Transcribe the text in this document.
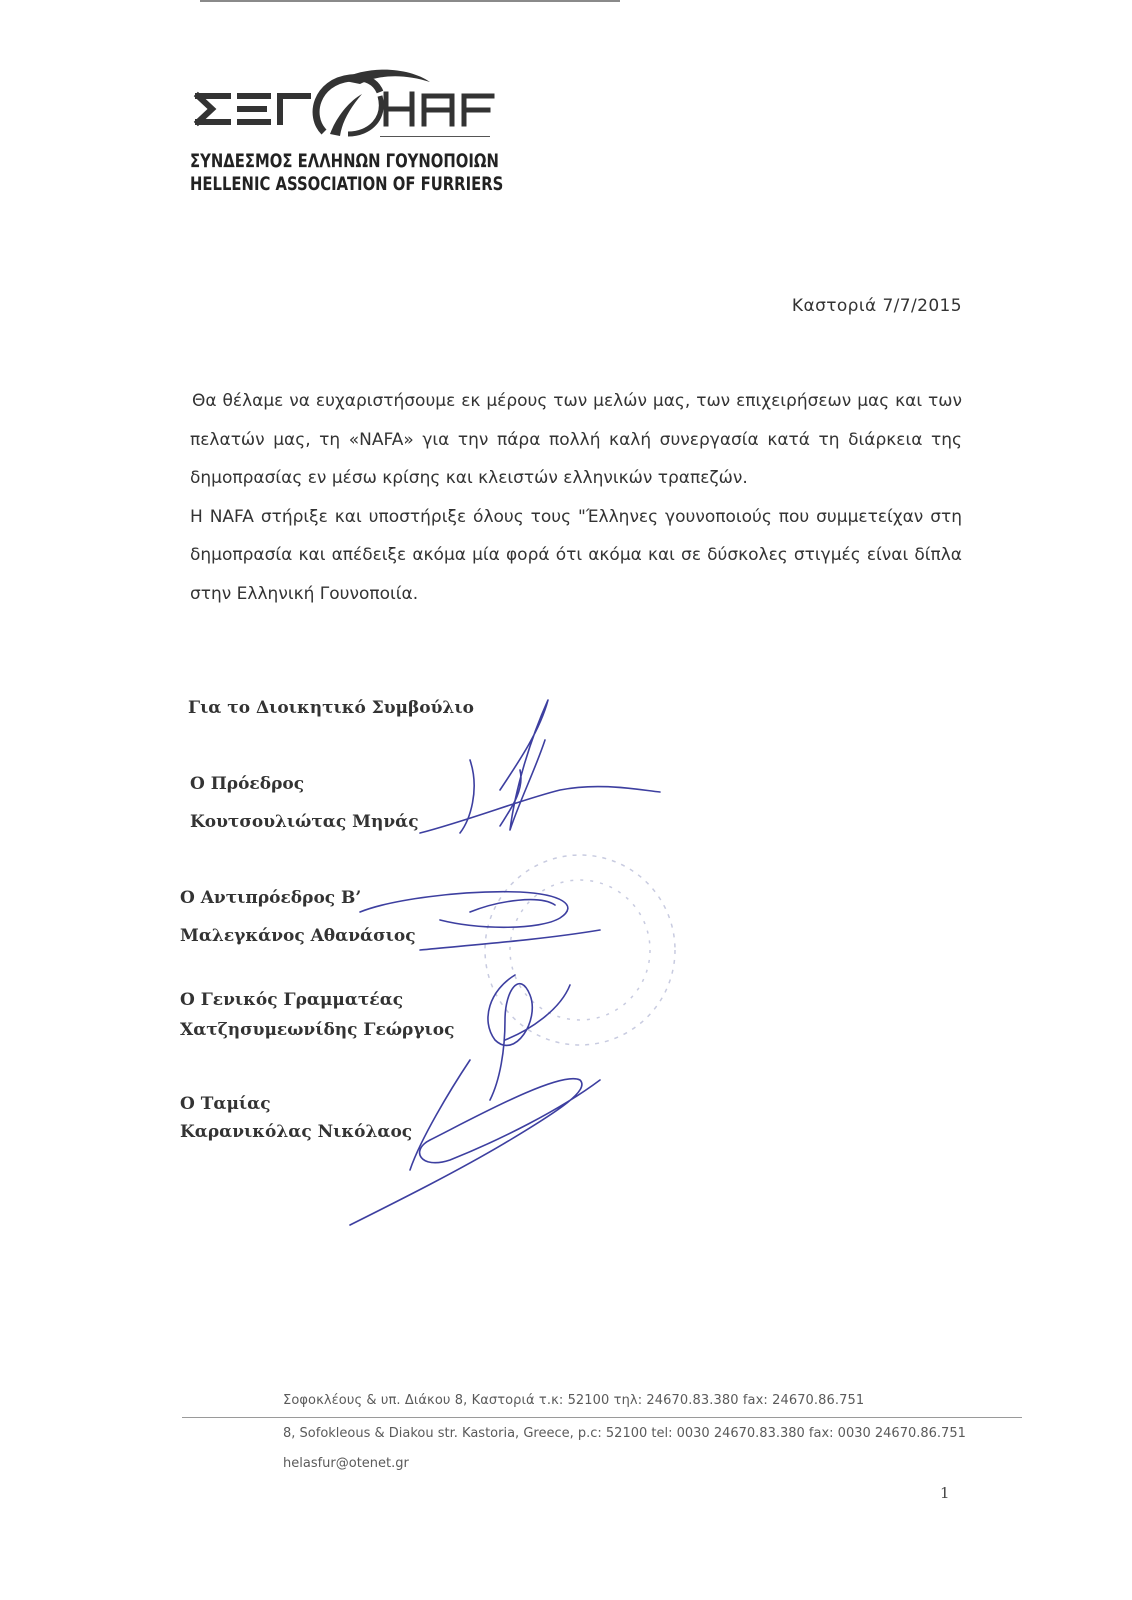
ΣΥΝΔΕΣΜΟΣ ΕΛΛΗΝΩΝ ΓΟΥΝΟΠΟΙΩΝ
HELLENIC ASSOCIATION OF FURRIERS
Καστοριά 7/7/2015

Θα θέλαμε να ευχαριστήσουμε εκ μέρους των μελών μας, των επιχειρήσεων μας και των πελατών μας, τη «NAFA» για την πάρα πολλή καλή συνεργασία κατά τη διάρκεια της δημοπρασίας εν μέσω κρίσης και κλειστών ελληνικών τραπεζών.

Η NAFA στήριξε και υποστήριξε όλους τους "Έλληνες γουνοποιούς που συμμετείχαν στη δημοπρασία και απέδειξε ακόμα μία φορά ότι ακόμα και σε δύσκολες στιγμές είναι δίπλα στην Ελληνική Γουνοποιία.

Για το Διοικητικό Συμβούλιο
Ο Πρόεδρος
Κουτσουλιώτας Μηνάς
Ο Αντιπρόεδρος Β’
Μαλεγκάνος Αθανάσιος
Ο Γενικός Γραμματέας
Χατζησυμεωνίδης Γεώργιος
Ο Ταμίας
Καρανικόλας Νικόλαος
Σοφοκλέους & υπ. Διάκου 8, Καστοριά τ.κ: 52100 τηλ: 24670.83.380 fax: 24670.86.751
8, Sofokleous & Diakou str. Kastoria, Greece, p.c: 52100 tel: 0030 24670.83.380 fax: 0030 24670.86.751
helasfur@otenet.gr
1
